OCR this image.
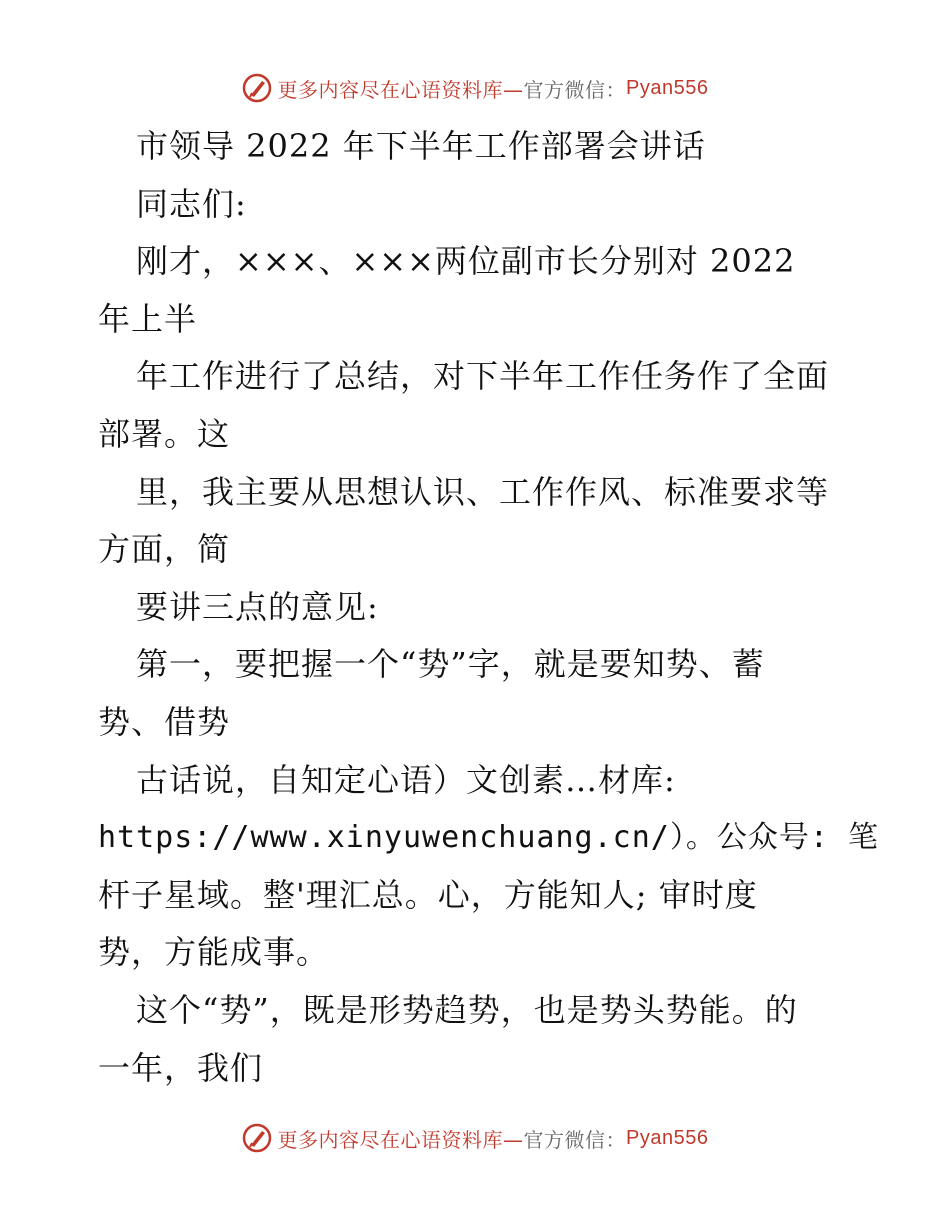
更多内容尽在心语资料库— 官方微信： Pyan556
市领导 2022 年下半年工作部署会讲话
同志们:
刚才，×××、×××两位副市长分别对 2022
年上半
年工作进行了总结，对下半年工作任务作了全面
部署。这
里，我主要从思想认识、工作作风、标准要求等
方面，简
要讲三点的意见:
第一，要把握一个“势”字，就是要知势、蓄
势、借势
古话说，自知定心语）文创素…材库:
https://www.xinyuwenchuang.cn/）。公众号: 笔
杆子星域。整'理汇总。心，方能知人; 审时度
势，方能成事。
这个“势”，既是形势趋势，也是势头势能。的
一年，我们
更多内容尽在心语资料库— 官方微信： Pyan556
